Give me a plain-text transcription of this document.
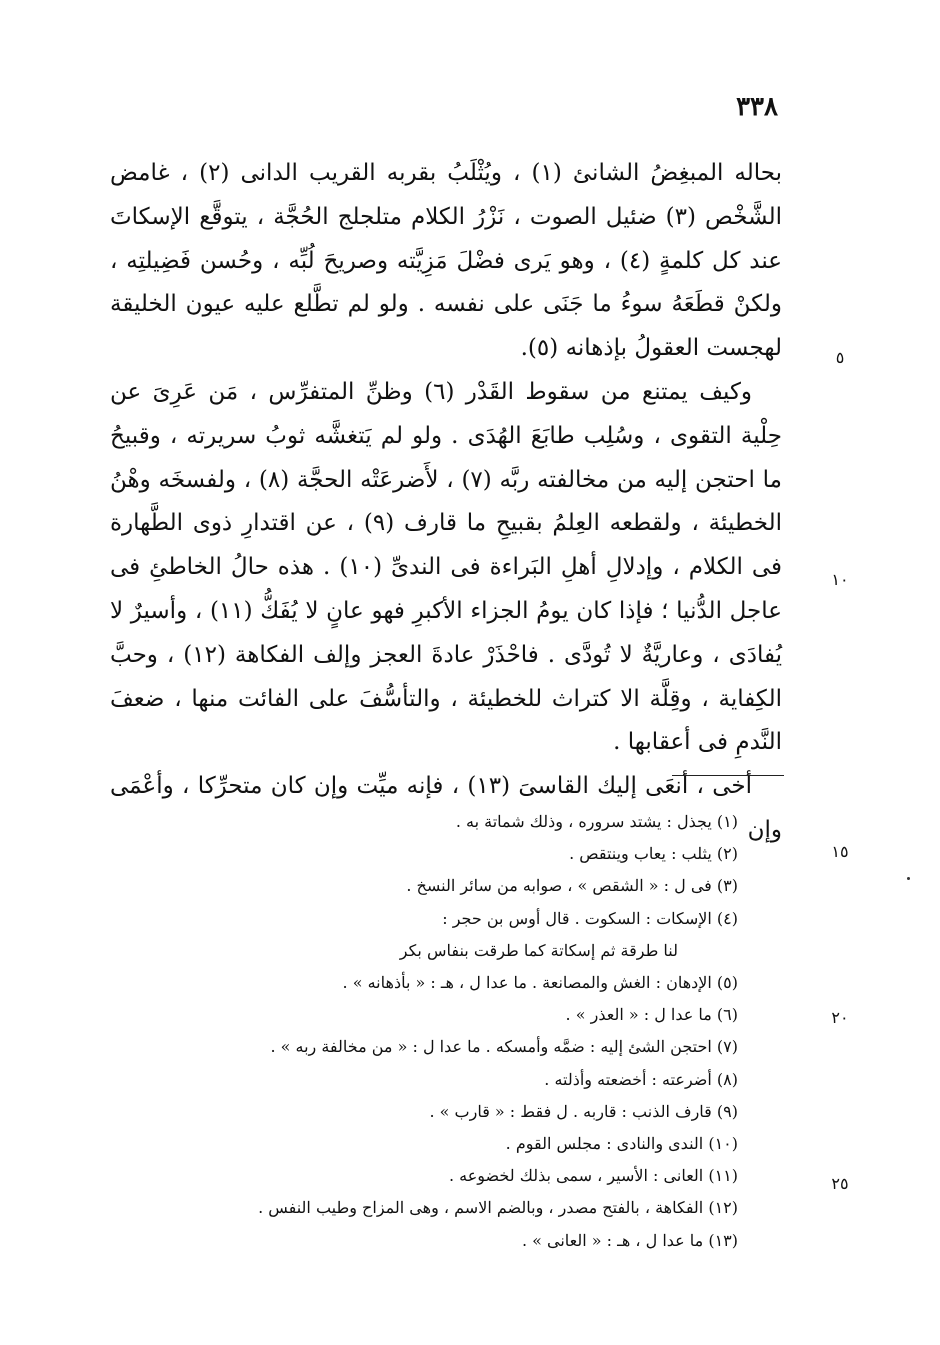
٣٣٨

بحاله المبغِضُ الشانئ (١) ، ويُثْلَبُ بقربه القريب الدانى (٢) ، غامض الشَّخْص (٣) ضئيل الصوت ، نَزْرُ الكلام متلجلج الحُجَّة ، يتوقَّع الإسكاتَ عند كل كلمةٍ (٤) ، وهو يَرى فضْلَ مَزِيَّته وصريحَ لُبِّه ، وحُسن فَضِيلتِه ، ولكنْ قطَعَهُ سوءُ ما جَنَى على نفسه . ولو لم تطَّلع عليه عيون الخليقة لهجست العقولُ بإذهانه (٥).

وكيف يمتنع من سقوط القَدْر (٦) وظنِّ المتفرِّس ، مَن عَرِىَ عن حِلْية التقوى ، وسُلِب طابَعَ الهُدَى . ولو لم يَتغشَّه ثوبُ سريرته ، وقبيحُ ما احتجن إليه من مخالفته ربَّه (٧) ، لأَضرعَتْه الحجَّة (٨) ، ولفسخَه وهْنُ الخطيئة ، ولقطعه العِلمُ بقبيحِ ما قارف (٩) ، عن اقتدارِ ذوى الطَّهارة فى الكلام ، وإدلالِ أهلِ البَراءة فى الندىِّ (١٠) . هذه حالُ الخاطئِ فى عاجل الدُّنيا ؛ فإذا كان يومُ الجزاء الأكبرِ فهو عانٍ لا يُفَكُّ (١١) ، وأسيرٌ لا يُفادَى ، وعاريَّةٌ لا تُودَّى . فاحْذَرْ عادةَ العجز وإلف الفكاهة (١٢) ، وحبَّ الكِفاية ، وقِلَّة الا كتراث للخطيئة ، والتأسُّفَ على الفائت منها ، ضعفَ النَّدمِ فى أعقابها .

أخى ، أنعَى إليك القاسىَ (١٣) ، فإنه ميِّت وإن كان متحرِّكا ، وأعْمَى وإن

٥
١٠
١٥
٢٠
٢٥
(١) يجذل : يشتد سروره ، وذلك شماتة به .
(٢) يثلب : يعاب وينتقص .
(٣) فى ل : « الشقص » ، صوابه من سائر النسخ .
(٤) الإسكات : السكوت . قال أوس بن حجر :
لنا طرقة ثم إسكاتة كما طرقت بنفاس بكر
(٥) الإدهان : الغش والمصانعة . ما عدا ل ، هـ : « بأذهانه » .
(٦) ما عدا ل : « العذر » .
(٧) احتجن الشئ إليه : ضمَّه وأمسكه . ما عدا ل : « من مخالفة ربه » .
(٨) أضرعته : أخضعته وأذلته .
(٩) قارف الذنب : قاربه . ل فقط : « قارب » .
(١٠) الندى والنادى : مجلس القوم .
(١١) العانى : الأسير ، سمى بذلك لخضوعه .
(١٢) الفكاهة ، بالفتح مصدر ، وبالضم الاسم ، وهى المزاح وطيب النفس .
(١٣) ما عدا ل ، هـ : « العانى » .
